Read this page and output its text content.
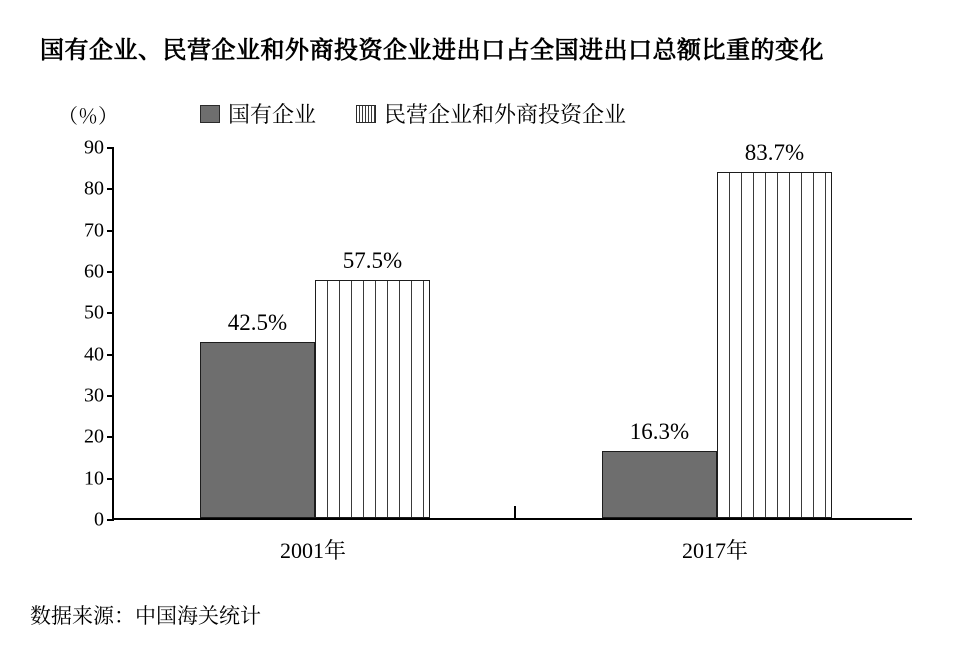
国有企业、民营企业和外商投资企业进出口占全国进出口总额比重的变化
（％）	国有企业	民营企业和外商投资企业
90
80
70
60
50
40
30
20
10
0
42.5%
57.5%
16.3%
83.7%
2001年	2017年
数据来源：中国海关统计
